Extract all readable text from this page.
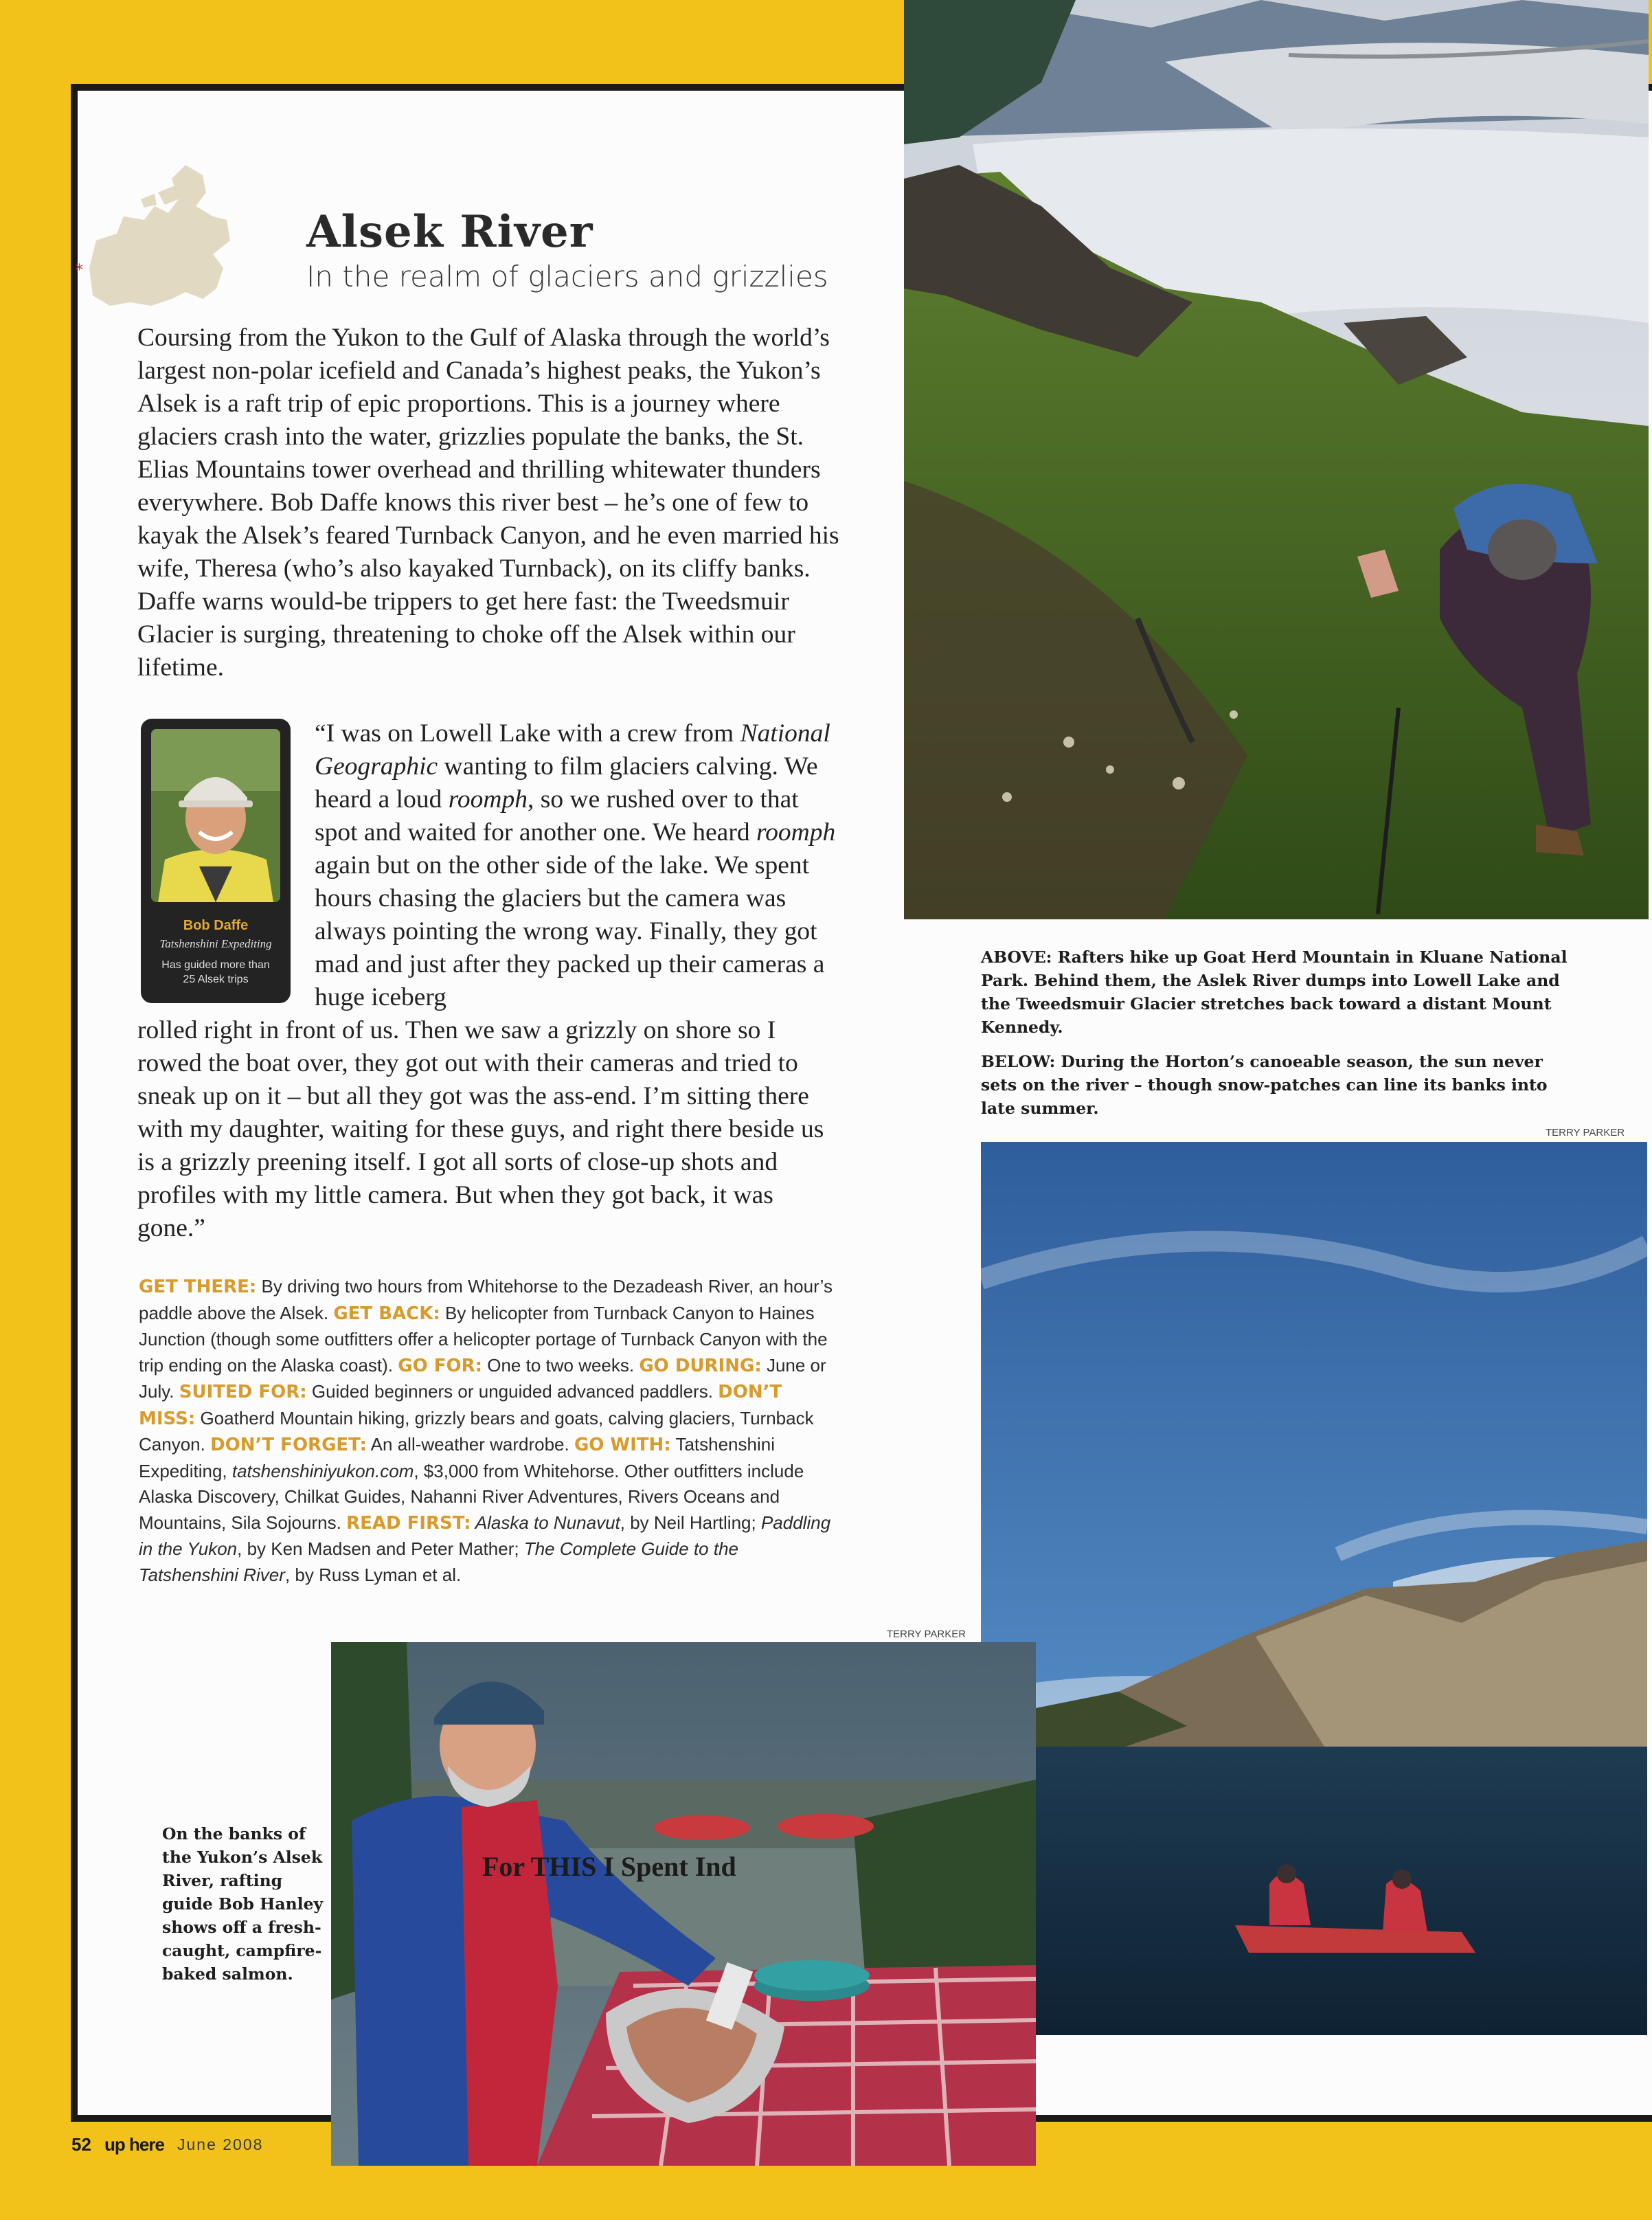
*
Alsek River
In the realm of glaciers and grizzlies

Coursing from the Yukon to the Gulf of Alaska through the world’s largest non-polar icefield and Canada’s highest peaks, the Yukon’s Alsek is a raft trip of epic proportions. This is a journey where glaciers crash into the water, grizzlies populate the banks, the St. Elias Mountains tower overhead and thrilling whitewater thunders everywhere. Bob Daffe knows this river best – he’s one of few to kayak the Alsek’s feared Turnback Canyon, and he even married his wife, Theresa (who’s also kayaked Turnback), on its cliffy banks. Daffe warns would-be trippers to get here fast: the Tweedsmuir Glacier is surging, threatening to choke off the Alsek within our lifetime.

Bob Daffe
Tatshenshini Expediting
Has guided more than 25 Alsek trips

“I was on Lowell Lake with a crew from National Geographic wanting to film glaciers calving. We heard a loud roomph, so we rushed over to that spot and waited for another one. We heard roomph again but on the other side of the lake. We spent hours chasing the glaciers but the camera was always pointing the wrong way. Finally, they got mad and just after they packed up their cameras a huge iceberg

rolled right in front of us. Then we saw a grizzly on shore so I rowed the boat over, they got out with their cameras and tried to sneak up on it – but all they got was the ass-end. I’m sitting there with my daughter, waiting for these guys, and right there beside us is a grizzly preening itself. I got all sorts of close-up shots and profiles with my little camera. But when they got back, it was gone.”

GET THERE: By driving two hours from Whitehorse to the Dezadeash River, an hour’s paddle above the Alsek. GET BACK: By helicopter from Turnback Canyon to Haines Junction (though some outfitters offer a helicopter portage of Turnback Canyon with the trip ending on the Alaska coast). GO FOR: One to two weeks. GO DURING: June or July. SUITED FOR: Guided beginners or unguided advanced paddlers. DON’T MISS: Goatherd Mountain hiking, grizzly bears and goats, calving glaciers, Turnback Canyon. DON’T FORGET: An all-weather wardrobe. GO WITH: Tatshenshini Expediting, tatshenshiniyukon.com, $3,000 from Whitehorse. Other outfitters include Alaska Discovery, Chilkat Guides, Nahanni River Adventures, Rivers Oceans and Mountains, Sila Sojourns. READ FIRST: Alaska to Nunavut, by Neil Hartling; Paddling in the Yukon, by Ken Madsen and Peter Mather; The Complete Guide to the Tatshenshini River, by Russ Lyman et al.

ABOVE: Rafters hike up Goat Herd Mountain in Kluane National Park. Behind them, the Aslek River dumps into Lowell Lake and the Tweedsmuir Glacier stretches back toward a distant Mount Kennedy.
BELOW: During the Horton’s canoeable season, the sun never sets on the river – though snow-patches can line its banks into late summer.
TERRY PARKER
TERRY PARKER
For THIS I Spent Ind
On the banks of the Yukon’s Alsek River, rafting guide Bob Hanley shows off a fresh-caught, campfire-baked salmon.
52 up here June 2008
